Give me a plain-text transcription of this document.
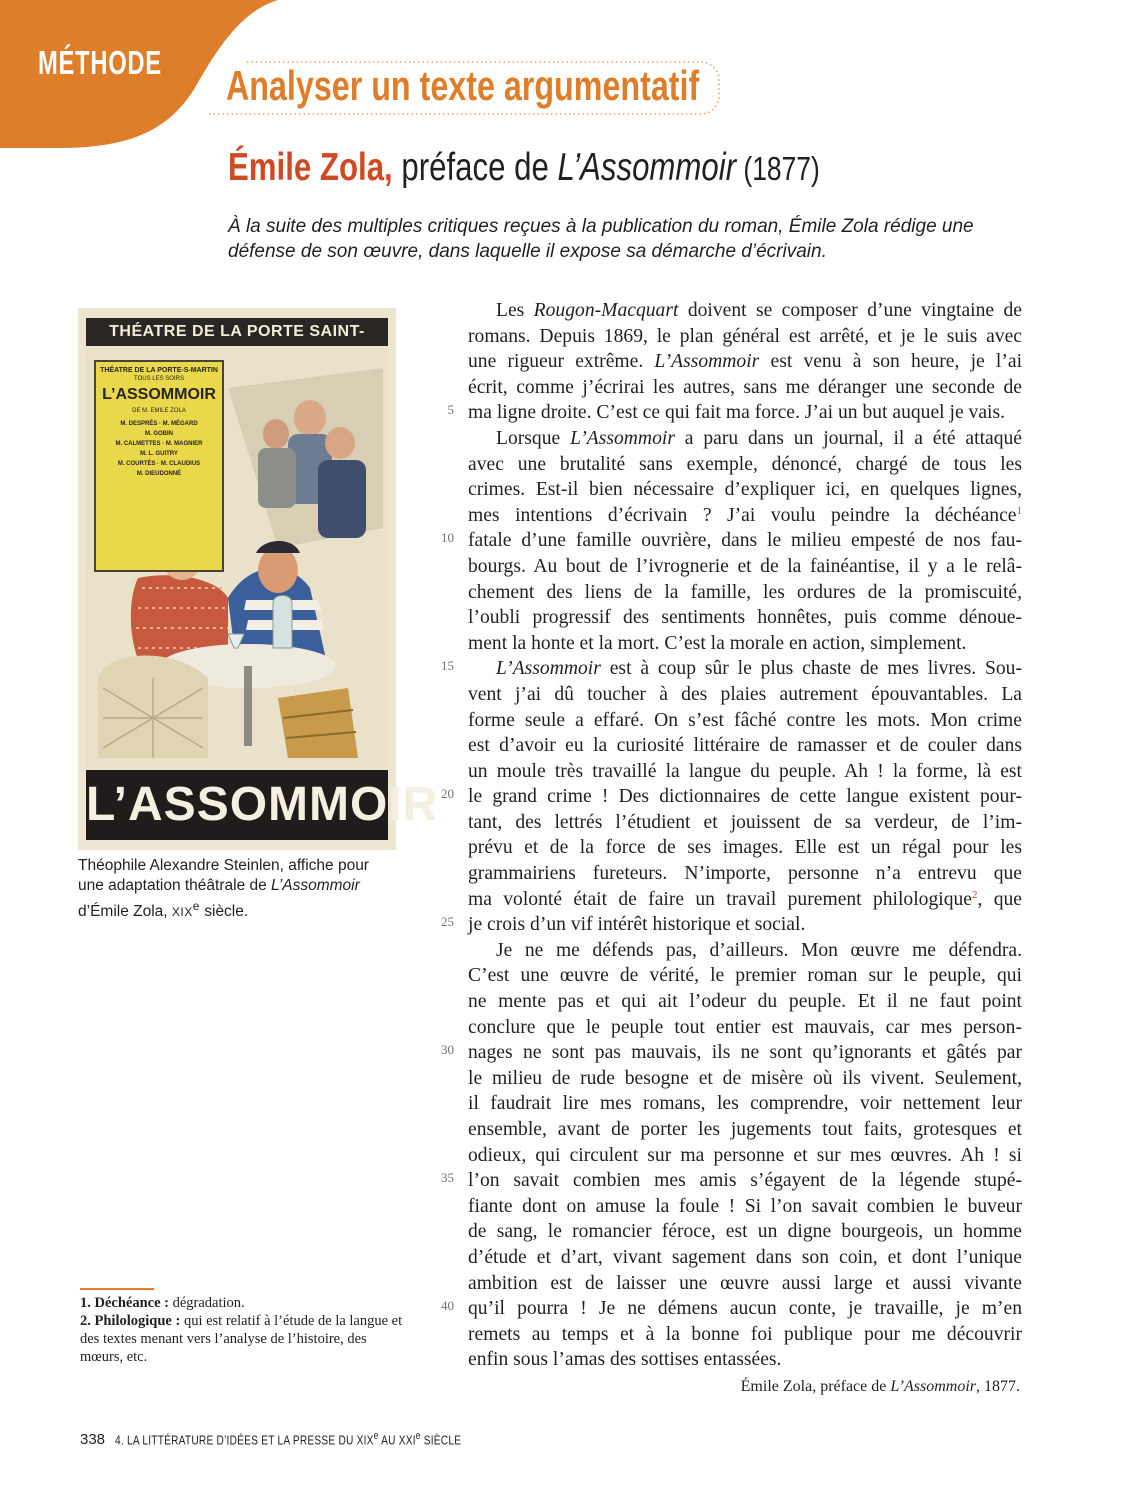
MÉTHODE Analyser un texte argumentatif
Émile Zola, préface de L’Assommoir (1877)

À la suite des multiples critiques reçues à la publication du roman, Émile Zola rédige une défense de son œuvre, dans laquelle il expose sa démarche d’écrivain.

THÉATRE DE LA PORTE SAINT-
THÉATRE DE LA PORTE-S-MARTIN
TOUS LES SOIRS
L’ASSOMMOIR
DE M. EMILE ZOLA
M. DESPRÉS · M. MÉGARD
M. GOBIN
M. CALMETTES · M. MAGNIER
M. L. GUITRY
M. COURTÈS · M. CLAUDIUS
M. DIEUDONNÉ
L’ASSOMMOIR

Théophile Alexandre Steinlen, affiche pour une adaptation théâtrale de L’Assommoir d’Émile Zola, XIXe siècle.

1. Déchéance : dégradation.

2. Philologique : qui est relatif à l’étude de la langue et des textes menant vers l’analyse de l’histoire, des mœurs, etc.

5
10
15
20
25
30
35
40
Les Rougon-Macquart doivent se composer d’une vingtaine de
romans. Depuis 1869, le plan général est arrêté, et je le suis avec
une rigueur extrême. L’Assommoir est venu à son heure, je l’ai
écrit, comme j’écrirai les autres, sans me déranger une seconde de
ma ligne droite. C’est ce qui fait ma force. J’ai un but auquel je vais.
Lorsque L’Assommoir a paru dans un journal, il a été attaqué
avec une brutalité sans exemple, dénoncé, chargé de tous les
crimes. Est-il bien nécessaire d’expliquer ici, en quelques lignes,
mes intentions d’écrivain ? J’ai voulu peindre la déchéance$^1$
fatale d’une famille ouvrière, dans le milieu empesté de nos fau-
bourgs. Au bout de l’ivrognerie et de la fainéantise, il y a le relâ-
chement des liens de la famille, les ordures de la promiscuité,
l’oubli progressif des sentiments honnêtes, puis comme dénoue-
ment la honte et la mort. C’est la morale en action, simplement.
L’Assommoir est à coup sûr le plus chaste de mes livres. Sou-
vent j’ai dû toucher à des plaies autrement épouvantables. La
forme seule a effaré. On s’est fâché contre les mots. Mon crime
est d’avoir eu la curiosité littéraire de ramasser et de couler dans
un moule très travaillé la langue du peuple. Ah ! la forme, là est
le grand crime ! Des dictionnaires de cette langue existent pour-
tant, des lettrés l’étudient et jouissent de sa verdeur, de l’im-
prévu et de la force de ses images. Elle est un régal pour les
grammairiens fureteurs. N’importe, personne n’a entrevu que
ma volonté était de faire un travail purement philologique$^2$, que
je crois d’un vif intérêt historique et social.
Je ne me défends pas, d’ailleurs. Mon œuvre me défendra.
C’est une œuvre de vérité, le premier roman sur le peuple, qui
ne mente pas et qui ait l’odeur du peuple. Et il ne faut point
conclure que le peuple tout entier est mauvais, car mes person-
nages ne sont pas mauvais, ils ne sont qu’ignorants et gâtés par
le milieu de rude besogne et de misère où ils vivent. Seulement,
il faudrait lire mes romans, les comprendre, voir nettement leur
ensemble, avant de porter les jugements tout faits, grotesques et
odieux, qui circulent sur ma personne et sur mes œuvres. Ah ! si
l’on savait combien mes amis s’égayent de la légende stupé-
fiante dont on amuse la foule ! Si l’on savait combien le buveur
de sang, le romancier féroce, est un digne bourgeois, un homme
d’étude et d’art, vivant sagement dans son coin, et dont l’unique
ambition est de laisser une œuvre aussi large et aussi vivante
qu’il pourra ! Je ne démens aucun conte, je travaille, je m’en
remets au temps et à la bonne foi publique pour me découvrir
enfin sous l’amas des sottises entassées.

Émile Zola, préface de L’Assommoir, 1877.

338 4. LA LITTÉRATURE D’IDÉES ET LA PRESSE DU XIXe AU XXIe SIÈCLE
